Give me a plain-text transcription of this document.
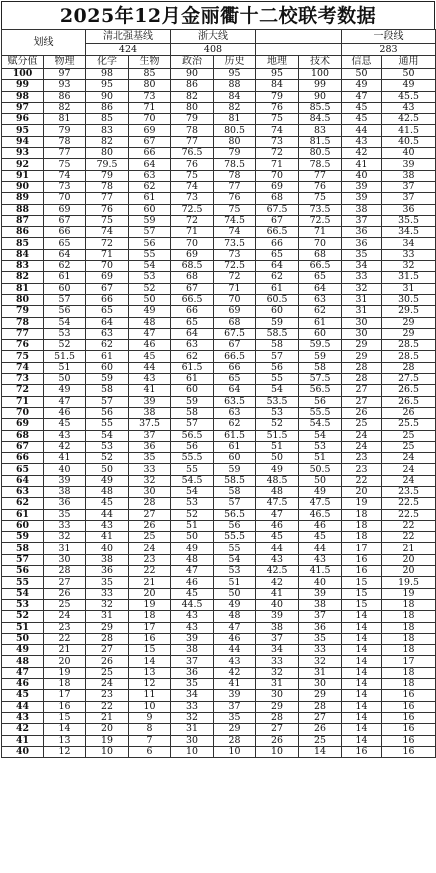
2025年12月金丽衢十二校联考数据
划线		清北强基线		浙大线				一段线	
		424		408				283	
赋分值	物理	化学	生物	政治	历史	地理	技术	信息	通用
100	97	98	85	90	95	95	100	50	50
99	93	95	80	86	88	84	99	49	49
98	86	90	73	82	84	79	90	47	45.5
97	82	86	71	80	82	76	85.5	45	43
96	81	85	70	79	81	75	84.5	45	42.5
95	79	83	69	78	80.5	74	83	44	41.5
94	78	82	67	77	80	73	81.5	43	40.5
93	77	80	66	76.5	79	72	80.5	42	40
92	75	79.5	64	76	78.5	71	78.5	41	39
91	74	79	63	75	78	70	77	40	38
90	73	78	62	74	77	69	76	39	37
89	70	77	61	73	76	68	75	39	37
88	69	76	60	72.5	75	67.5	73.5	38	36
87	67	75	59	72	74.5	67	72.5	37	35.5
86	66	74	57	71	74	66.5	71	36	34.5
85	65	72	56	70	73.5	66	70	36	34
84	64	71	55	69	73	65	68	35	33
83	62	70	54	68.5	72.5	64	66.5	34	32
82	61	69	53	68	72	62	65	33	31.5
81	60	67	52	67	71	61	64	32	31
80	57	66	50	66.5	70	60.5	63	31	30.5
79	56	65	49	66	69	60	62	31	29.5
78	54	64	48	65	68	59	61	30	29
77	53	63	47	64	67.5	58.5	60	30	29
76	52	62	46	63	67	58	59.5	29	28.5
75	51.5	61	45	62	66.5	57	59	29	28.5
74	51	60	44	61.5	66	56	58	28	28
73	50	59	43	61	65	55	57.5	28	27.5
72	49	58	41	60	64	54	56.5	27	26.5
71	47	57	39	59	63.5	53.5	56	27	26.5
70	46	56	38	58	63	53	55.5	26	26
69	45	55	37.5	57	62	52	54.5	25	25.5
68	43	54	37	56.5	61.5	51.5	54	24	25
67	42	53	36	56	61	51	53	24	25
66	41	52	35	55.5	60	50	51	23	24
65	40	50	33	55	59	49	50.5	23	24
64	39	49	32	54.5	58.5	48.5	50	22	24
63	38	48	30	54	58	48	49	20	23.5
62	36	45	28	53	57	47.5	47.5	19	22.5
61	35	44	27	52	56.5	47	46.5	18	22.5
60	33	43	26	51	56	46	46	18	22
59	32	41	25	50	55.5	45	45	18	22
58	31	40	24	49	55	44	44	17	21
57	30	38	23	48	54	43	43	16	20
56	28	36	22	47	53	42.5	41.5	16	20
55	27	35	21	46	51	42	40	15	19.5
54	26	33	20	45	50	41	39	15	19
53	25	32	19	44.5	49	40	38	15	18
52	24	31	18	43	48	39	37	14	18
51	23	29	17	43	47	38	36	14	18
50	22	28	16	39	46	37	35	14	18
49	21	27	15	38	44	34	33	14	18
48	20	26	14	37	43	33	32	14	17
47	19	25	13	36	42	32	31	14	18
46	18	24	12	35	41	31	30	14	18
45	17	23	11	34	39	30	29	14	16
44	16	22	10	33	37	29	28	14	16
43	15	21	9	32	35	28	27	14	16
42	14	20	8	31	29	27	26	14	16
41	13	19	7	30	28	26	25	14	16
40	12	10	6	10	10	10	14	16	16
